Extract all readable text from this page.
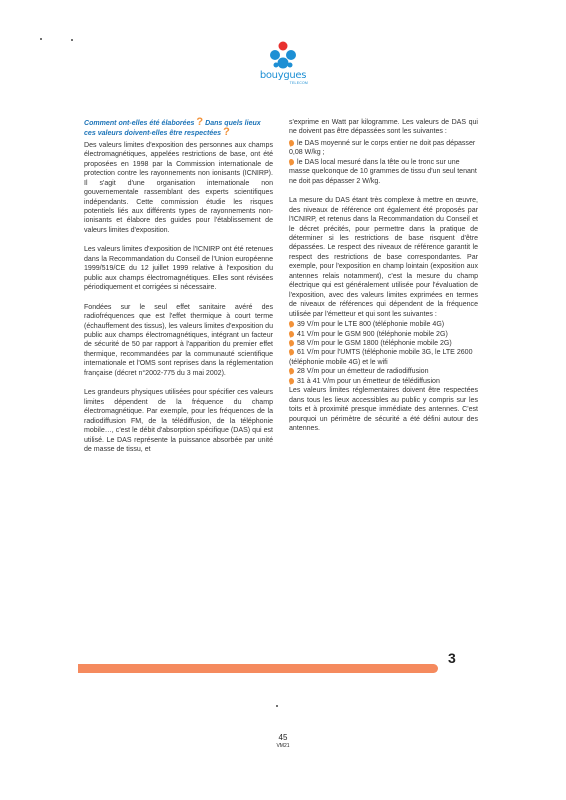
bouygues
TELECOM
Comment ont-elles été élaborées ? Dans quels lieux ces valeurs doivent-elles être respectées ?

Des valeurs limites d'exposition des personnes aux champs électromagnétiques, appelées restrictions de base, ont été proposées en 1998 par la Commission internationale de protection contre les rayonnements non ionisants (ICNIRP). Il s'agit d'une organisation internationale non gouvernementale rassemblant des experts scientifiques indépendants. Cette commission étudie les risques potentiels liés aux différents types de rayonnements non-ionisants et élabore des guides pour l'établissement de valeurs limites d'exposition.

Les valeurs limites d'exposition de l'ICNIRP ont été retenues dans la Recommandation du Conseil de l'Union européenne 1999/519/CE du 12 juillet 1999 relative à l'exposition du public aux champs électromagnétiques. Elles sont révisées périodiquement et corrigées si nécessaire.

Fondées sur le seul effet sanitaire avéré des radiofréquences que est l'effet thermique à court terme (échauffement des tissus), les valeurs limites d'exposition du public aux champs électromagnétiques, intégrant un facteur de sécurité de 50 par rapport à l'apparition du premier effet thermique, recommandées par la communauté scientifique internationale et l'OMS sont reprises dans la réglementation française (décret n°2002-775 du 3 mai 2002).

Les grandeurs physiques utilisées pour spécifier ces valeurs limites dépendent de la fréquence du champ électromagnétique. Par exemple, pour les fréquences de la radiodiffusion FM, de la télédiffusion, de la téléphonie mobile…, c'est le débit d'absorption spécifique (DAS) qui est utilisé. Le DAS représente la puissance absorbée par unité de masse de tissu, et

s'exprime en Watt par kilogramme. Les valeurs de DAS qui ne doivent pas être dépassées sont les suivantes :

le DAS moyenné sur le corps entier ne doit pas dépasser 0,08 W/kg ;
le DAS local mesuré dans la tête ou le tronc sur une masse quelconque de 10 grammes de tissu d'un seul tenant ne doit pas dépasser 2 W/kg.

La mesure du DAS étant très complexe à mettre en œuvre, des niveaux de référence ont également été proposés par l'ICNIRP, et retenus dans la Recommandation du Conseil et le décret précités, pour permettre dans la pratique de déterminer si les restrictions de base risquent d'être dépassées. Le respect des niveaux de référence garantit le respect des restrictions de base correspondantes. Par exemple, pour l'exposition en champ lointain (exposition aux antennes relais notamment), c'est la mesure du champ électrique qui est généralement utilisée pour l'évaluation de l'exposition, avec des valeurs limites exprimées en termes de niveaux de références qui dépendent de la fréquence utilisée par l'émetteur et qui sont les suivantes :

39 V/m pour le LTE 800 (téléphonie mobile 4G)
41 V/m pour le GSM 900 (téléphonie mobile 2G)
58 V/m pour le GSM 1800 (téléphonie mobile 2G)
61 V/m pour l'UMTS (téléphonie mobile 3G, le LTE 2600 (téléphonie mobile 4G) et le wifi
28 V/m pour un émetteur de radiodiffusion
31 à 41 V/m pour un émetteur de télédiffusion

Les valeurs limites réglementaires doivent être respectées dans tous les lieux accessibles au public y compris sur les toits et à proximité presque immédiate des antennes. C'est pourquoi un périmètre de sécurité a été défini autour des antennes.

3
45
VM21
